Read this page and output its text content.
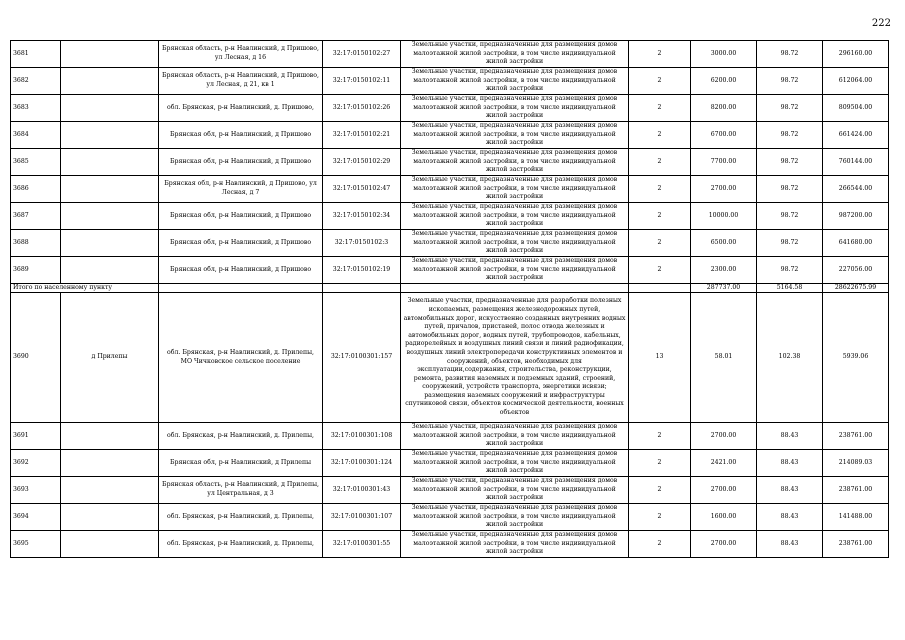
222
3681		Брянская область, р-н Навлинский, д Пришово, ул Лесная, д 16	32:17:0150102:27	Земельные участки, предназначенные для размещения домов малоэтажной жилой застройки, в том числе индивидуальной жилой застройки	2	3000.00	98.72	296160.00
3682		Брянская область, р-н Навлинский, д Пришово, ул Лесная, д 21, кв 1	32:17:0150102:11	Земельные участки, предназначенные для размещения домов малоэтажной жилой застройки, в том числе индивидуальной жилой застройки	2	6200.00	98.72	612064.00
3683		обл. Брянская, р-н Навлинский, д. Пришово,	32:17:0150102:26	Земельные участки, предназначенные для размещения домов малоэтажной жилой застройки, в том числе индивидуальной жилой застройки	2	8200.00	98.72	809504.00
3684		Брянская обл, р-н Навлинский, д Пришово	32:17:0150102:21	Земельные участки, предназначенные для размещения домов малоэтажной жилой застройки, в том числе индивидуальной жилой застройки	2	6700.00	98.72	661424.00
3685		Брянская обл, р-н Навлинский, д Пришово	32:17:0150102:29	Земельные участки, предназначенные для размещения домов малоэтажной жилой застройки, в том числе индивидуальной жилой застройки	2	7700.00	98.72	760144.00
3686		Брянская обл, р-н Навлинский, д Пришово, ул Лесная, д 7	32:17:0150102:47	Земельные участки, предназначенные для размещения домов малоэтажной жилой застройки, в том числе индивидуальной жилой застройки	2	2700.00	98.72	266544.00
3687		Брянская обл, р-н Навлинский, д Пришово	32:17:0150102:34	Земельные участки, предназначенные для размещения домов малоэтажной жилой застройки, в том числе индивидуальной жилой застройки	2	10000.00	98.72	987200.00
3688		Брянская обл, р-н Навлинский, д Пришово	32:17:0150102:3	Земельные участки, предназначенные для размещения домов малоэтажной жилой застройки, в том числе индивидуальной жилой застройки	2	6500.00	98.72	641680.00
3689		Брянская обл, р-н Навлинский, д Пришово	32:17:0150102:19	Земельные участки, предназначенные для размещения домов малоэтажной жилой застройки, в том числе индивидуальной жилой застройки	2	2300.00	98.72	227056.00
Итого по населенному пункту						287737.00	5164.58	28622675.99
3690	д Прилепы	обл. Брянская, р-н Навлинский, д. Прилепы, МО Чичковское сельское поселение	32:17:0100301:157	Земельные участки, предназначенные для разработки полезных ископаемых, размещения железнодорожных путей, автомобильных дорог, искусственно созданных внутренних водных путей, причалов, пристаней, полос отвода железных и автомобильных дорог, водных путей, трубопроводов, кабельных, радиорелейных и воздушных линий связи и линий радиофикации, воздушных линий электропередачи конструктивных элементов и сооружений, объектов, необходимых для эксплуатации,содержания, строительства, реконструкции, ремонта, развития наземных и подземных зданий, строений, сооружений, устройств транспорта, энергетики исвязи; размещения наземных сооружений и инфраструктуры спутниковой связи, объектов космической деятельности, военных объектов	13	58.01	102.38	5939.06
3691		обл. Брянская, р-н Навлинский, д. Прилепы,	32:17:0100301:108	Земельные участки, предназначенные для размещения домов малоэтажной жилой застройки, в том числе индивидуальной жилой застройки	2	2700.00	88.43	238761.00
3692		Брянская обл, р-н Навлинский, д Прилепы	32:17:0100301:124	Земельные участки, предназначенные для размещения домов малоэтажной жилой застройки, в том числе индивидуальной жилой застройки	2	2421.00	88.43	214089.03
3693		Брянская область, р-н Навлинский, д Прилепы, ул Центральная, д 3	32:17:0100301:43	Земельные участки, предназначенные для размещения домов малоэтажной жилой застройки, в том числе индивидуальной жилой застройки	2	2700.00	88.43	238761.00
3694		обл. Брянская, р-н Навлинский, д. Прилепы,	32:17:0100301:107	Земельные участки, предназначенные для размещения домов малоэтажной жилой застройки, в том числе индивидуальной жилой застройки	2	1600.00	88.43	141488.00
3695		обл. Брянская, р-н Навлинский, д. Прилепы,	32:17:0100301:55	Земельные участки, предназначенные для размещения домов малоэтажной жилой застройки, в том числе индивидуальной жилой застройки	2	2700.00	88.43	238761.00
